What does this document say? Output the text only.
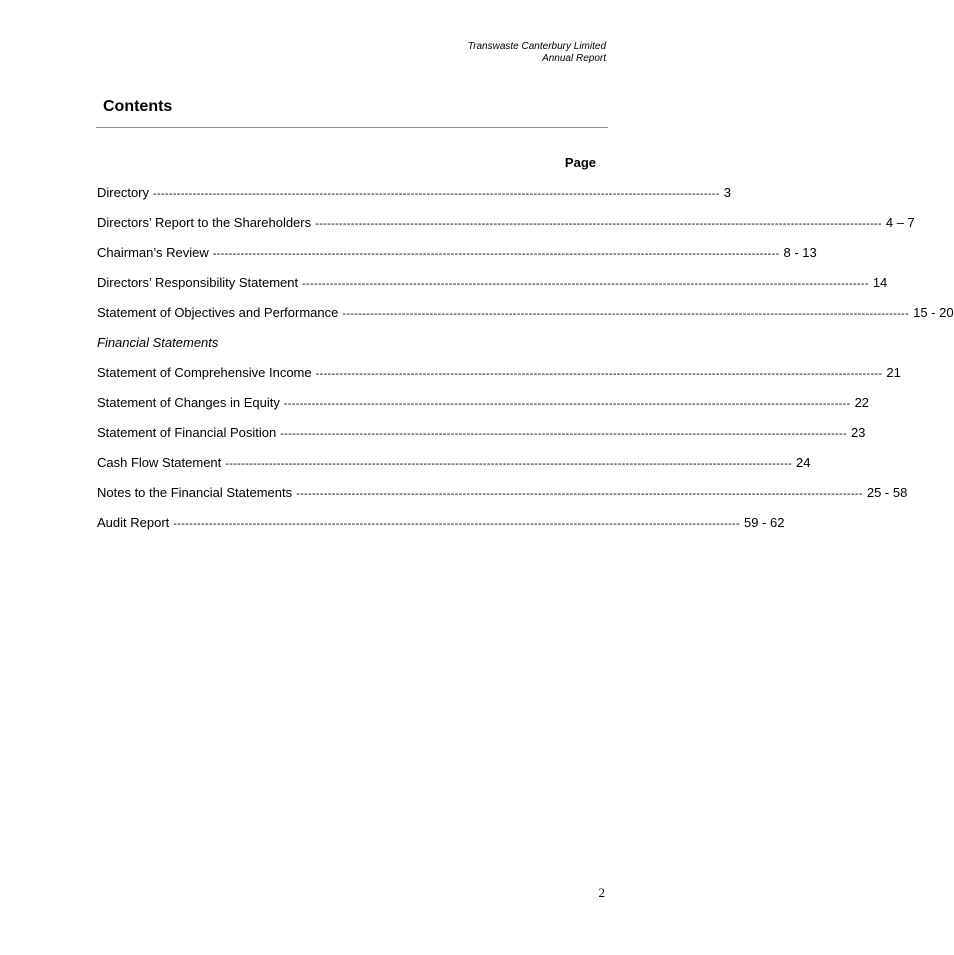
Transwaste Canterbury Limited
Annual Report
Contents
Page
Directory ----------------------------------------------------------------------------------------------------------------------------------------------- 3
Directors’ Report to the Shareholders ----------------------------------------------------------------------------------------------------------------------------------------------- 4 – 7
Chairman’s Review ----------------------------------------------------------------------------------------------------------------------------------------------- 8 - 13
Directors’ Responsibility Statement ----------------------------------------------------------------------------------------------------------------------------------------------- 14
Statement of Objectives and Performance ----------------------------------------------------------------------------------------------------------------------------------------------- 15 - 20
Financial Statements
Statement of Comprehensive Income ----------------------------------------------------------------------------------------------------------------------------------------------- 21
Statement of Changes in Equity ----------------------------------------------------------------------------------------------------------------------------------------------- 22
Statement of Financial Position ----------------------------------------------------------------------------------------------------------------------------------------------- 23
Cash Flow Statement ----------------------------------------------------------------------------------------------------------------------------------------------- 24
Notes to the Financial Statements ----------------------------------------------------------------------------------------------------------------------------------------------- 25 - 58
Audit Report ----------------------------------------------------------------------------------------------------------------------------------------------- 59 - 62
2
